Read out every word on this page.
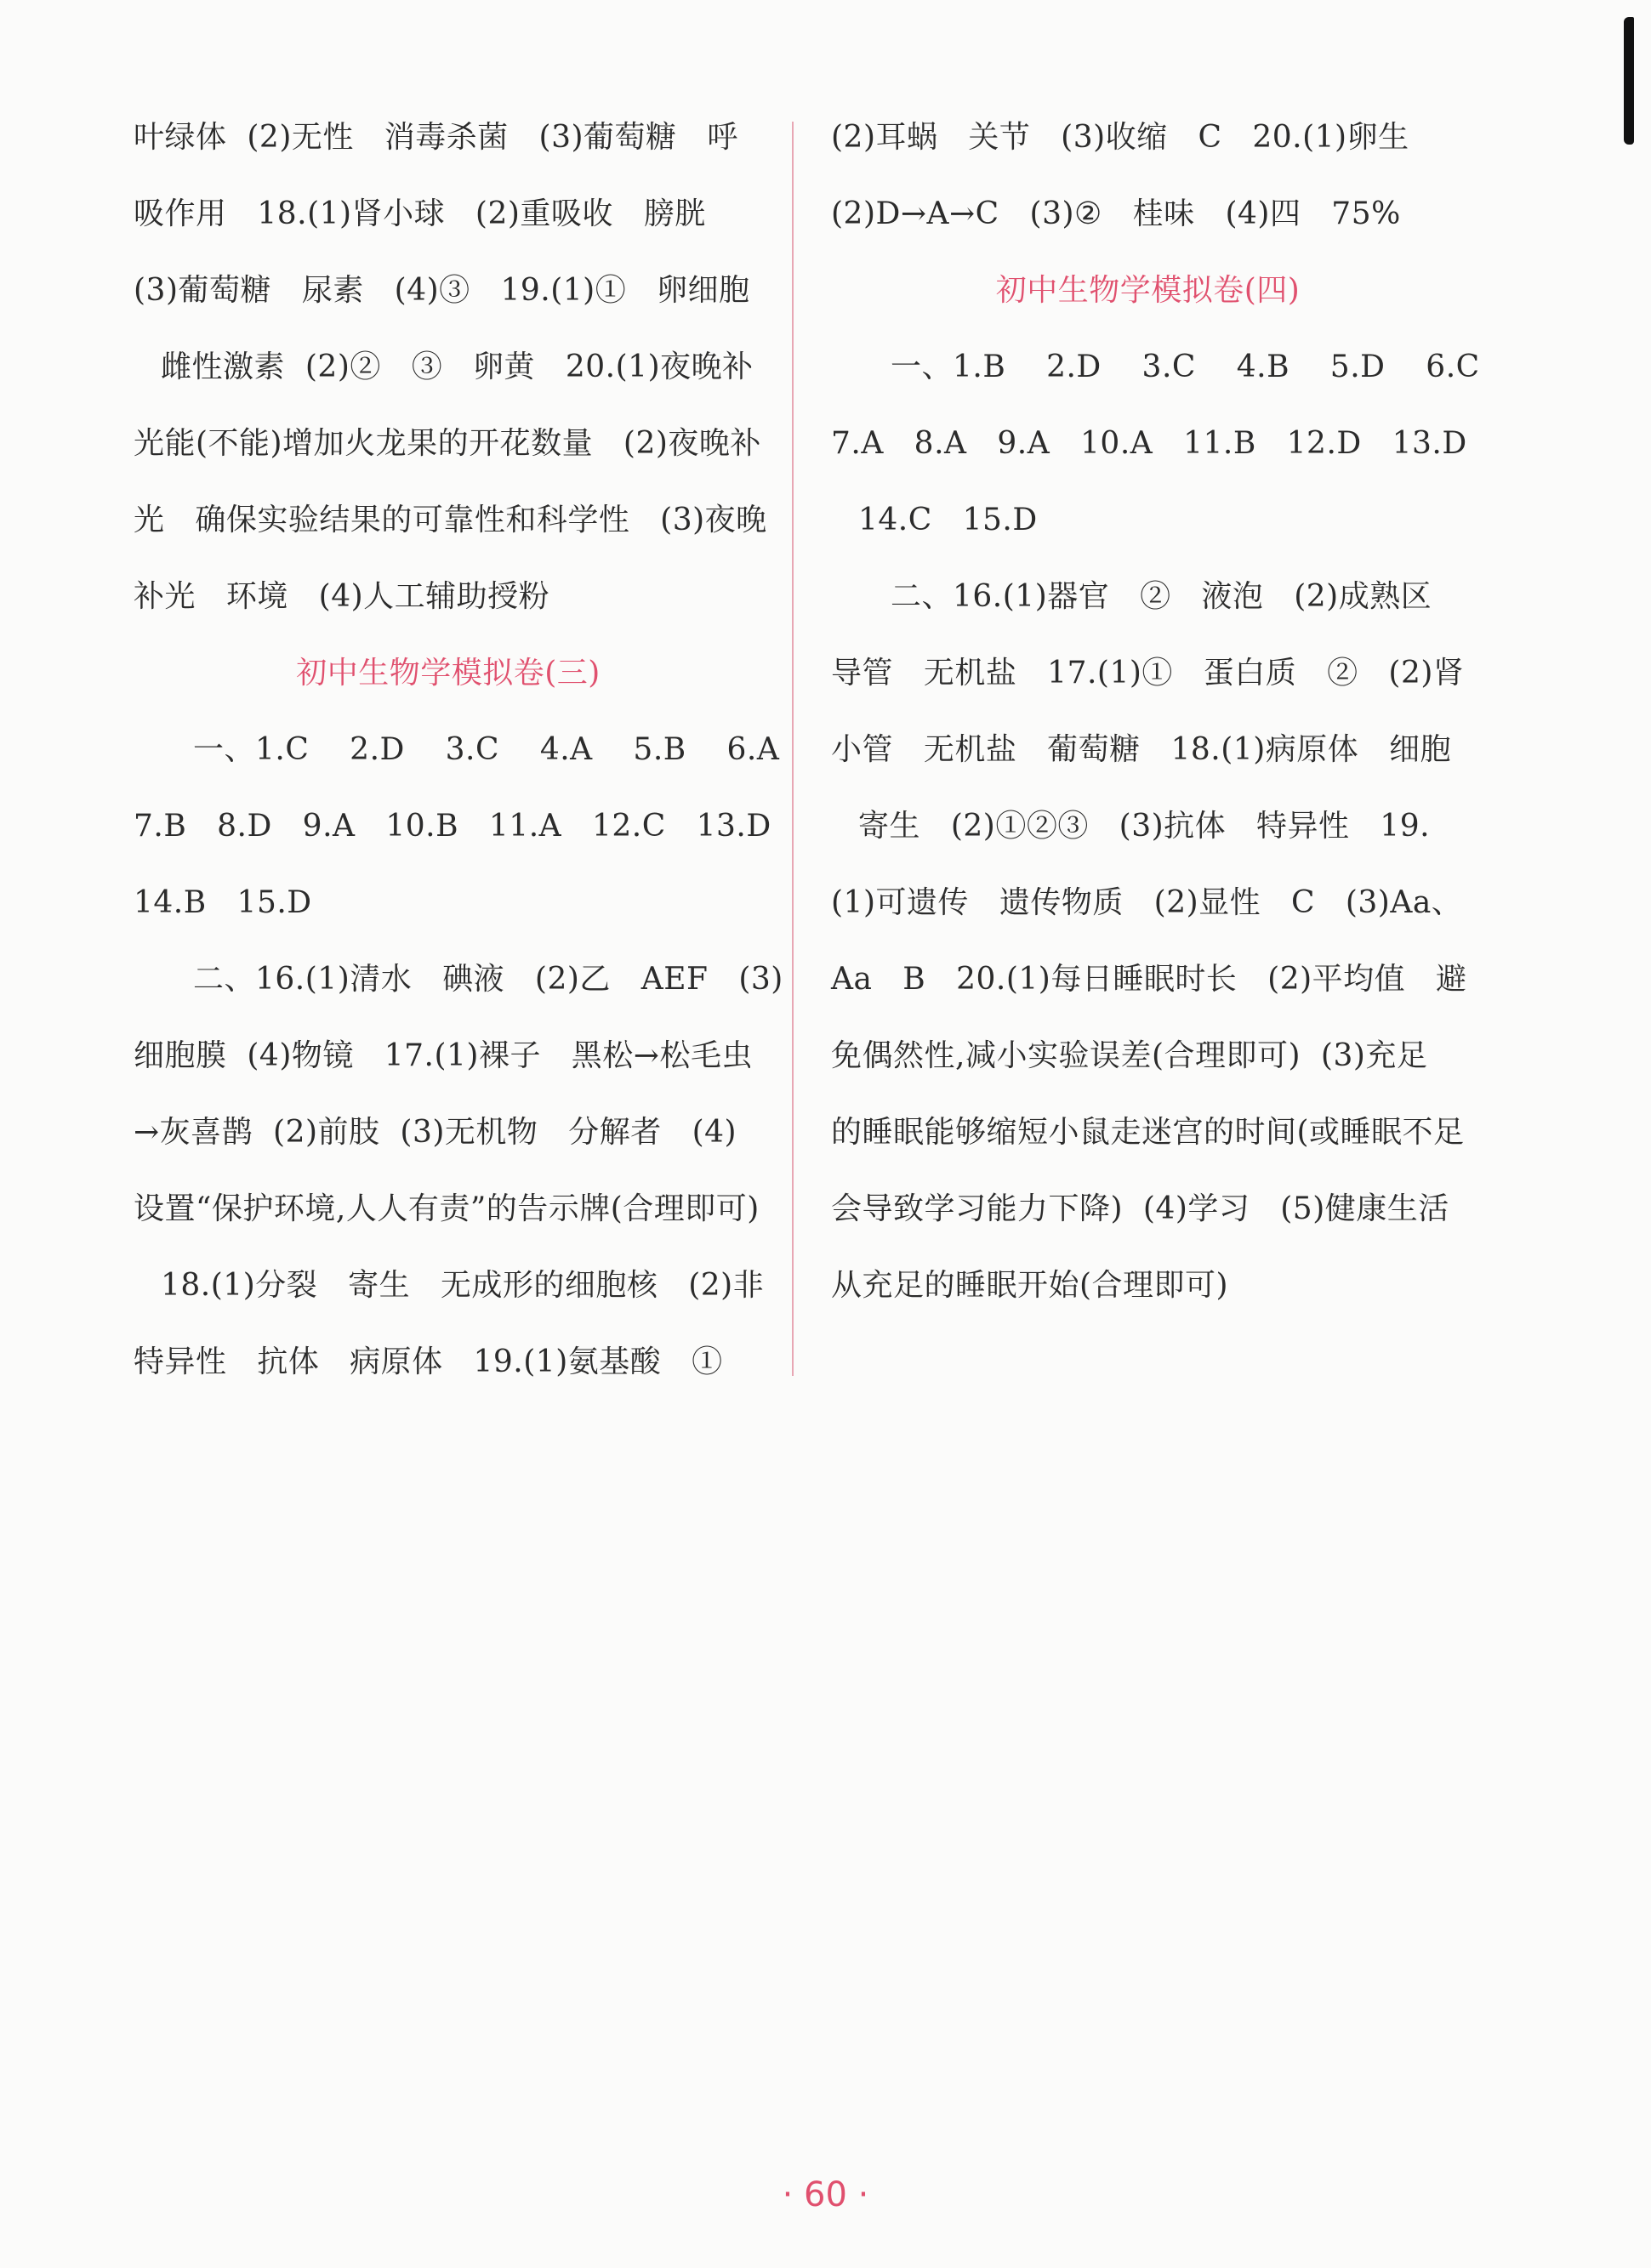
叶绿体  (2)无性   消毒杀菌   (3)葡萄糖   呼
吸作用   18.(1)肾小球   (2)重吸收   膀胱
(3)葡萄糖   尿素   (4)③   19.(1)①   卵细胞
雌性激素  (2)②   ③   卵黄   20.(1)夜晚补
光能(不能)增加火龙果的开花数量   (2)夜晚补
光   确保实验结果的可靠性和科学性   (3)夜晚
补光   环境   (4)人工辅助授粉
初中生物学模拟卷(三)
一、1.C    2.D    3.C    4.A    5.B    6.A
7.B   8.D   9.A   10.B   11.A   12.C   13.D
14.B   15.D
二、16.(1)清水   碘液   (2)乙   AEF   (3)
细胞膜  (4)物镜   17.(1)裸子   黑松→松毛虫
→灰喜鹊  (2)前肢  (3)无机物   分解者   (4)
设置“保护环境,人人有责”的告示牌(合理即可)
18.(1)分裂   寄生   无成形的细胞核   (2)非
特异性   抗体   病原体   19.(1)氨基酸   ①
(2)耳蜗   关节   (3)收缩   C   20.(1)卵生
(2)D→A→C   (3)②   桂味   (4)四   75%
初中生物学模拟卷(四)
一、1.B    2.D    3.C    4.B    5.D    6.C
7.A   8.A   9.A   10.A   11.B   12.D   13.D
14.C   15.D
二、16.(1)器官   ②   液泡   (2)成熟区
导管   无机盐   17.(1)①   蛋白质   ②   (2)肾
小管   无机盐   葡萄糖   18.(1)病原体   细胞
寄生   (2)①②③   (3)抗体   特异性   19.
(1)可遗传   遗传物质   (2)显性   C   (3)Aa、
Aa   B   20.(1)每日睡眠时长   (2)平均值   避
免偶然性,减小实验误差(合理即可)  (3)充足
的睡眠能够缩短小鼠走迷宫的时间(或睡眠不足
会导致学习能力下降)  (4)学习   (5)健康生活
从充足的睡眠开始(合理即可)
· 60 ·
